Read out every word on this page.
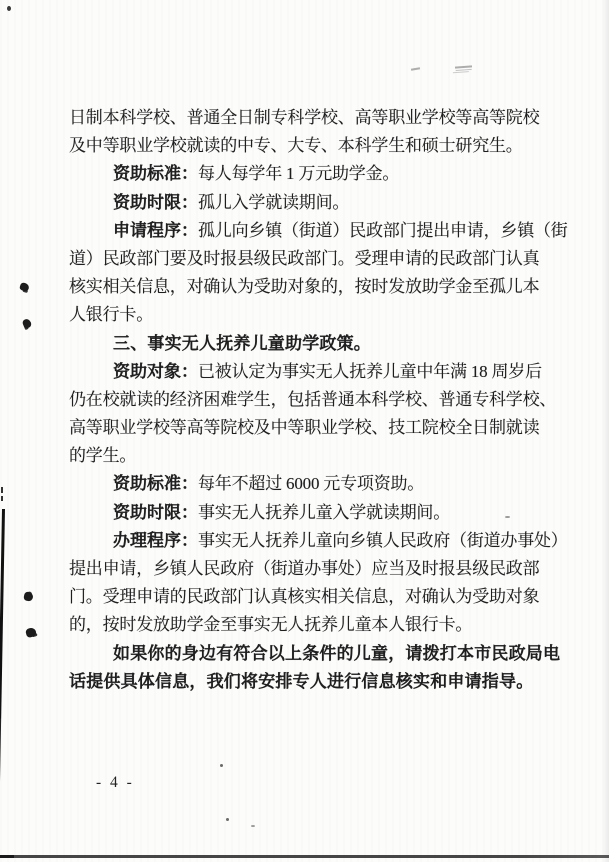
日制本科学校、普通全日制专科学校、高等职业学校等高等院校
及中等职业学校就读的中专、大专、本科学生和硕士研究生。
资助标准：每人每学年 1 万元助学金。
资助时限：孤儿入学就读期间。
申请程序：孤儿向乡镇（街道）民政部门提出申请，乡镇（街
道）民政部门要及时报县级民政部门。受理申请的民政部门认真
核实相关信息，对确认为受助对象的，按时发放助学金至孤儿本
人银行卡。
三、事实无人抚养儿童助学政策。
资助对象：已被认定为事实无人抚养儿童中年满 18 周岁后
仍在校就读的经济困难学生，包括普通本科学校、普通专科学校、
高等职业学校等高等院校及中等职业学校、技工院校全日制就读
的学生。
资助标准：每年不超过 6000 元专项资助。
资助时限：事实无人抚养儿童入学就读期间。
办理程序：事实无人抚养儿童向乡镇人民政府（街道办事处）
提出申请，乡镇人民政府（街道办事处）应当及时报县级民政部
门。受理申请的民政部门认真核实相关信息，对确认为受助对象
的，按时发放助学金至事实无人抚养儿童本人银行卡。
如果你的身边有符合以上条件的儿童，请拨打本市民政局电
话提供具体信息，我们将安排专人进行信息核实和申请指导。
- 4 -
